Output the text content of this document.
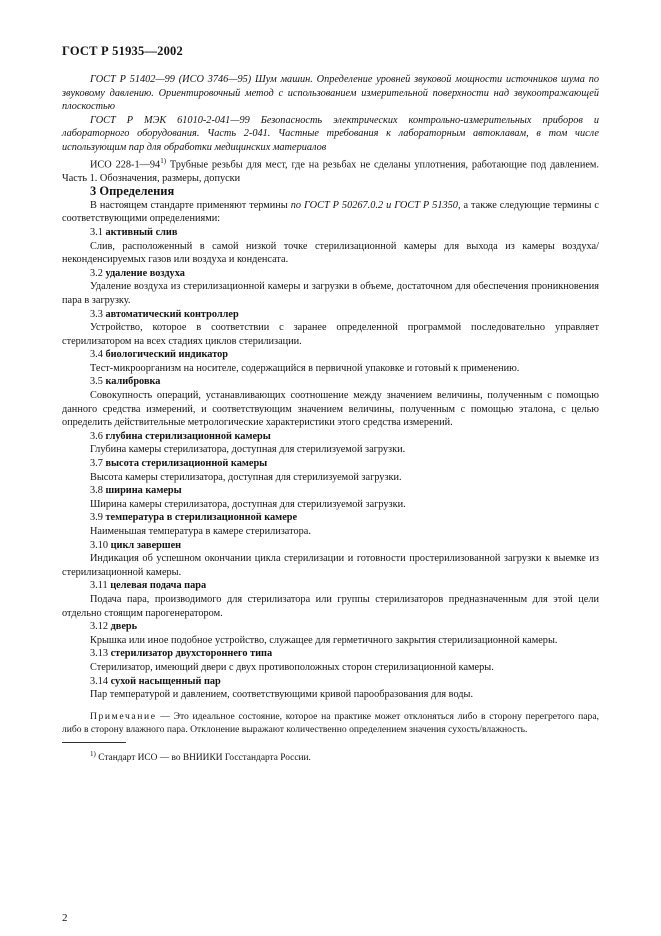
ГОСТ Р 51935—2002

ГОСТ Р 51402—99 (ИСО 3746—95) Шум машин. Определение уровней звуковой мощности источников шума по звуковому давлению. Ориентировочный метод с использованием измерительной поверхности над звукоотражающей плоскостью

ГОСТ Р МЭК 61010-2-041—99 Безопасность электрических контрольно-измерительных приборов и лабораторного оборудования. Часть 2-041. Частные требования к лабораторным автоклавам, в том числе использующим пар для обработки медицинских материалов

ИСО 228-1—94$^{1)}$ Трубные резьбы для мест, где на резьбах не сделаны уплотнения, работающие под давлением. Часть 1. Обозначения, размеры, допуски

3 Определения

В настоящем стандарте применяют термины по ГОСТ Р 50267.0.2 и ГОСТ Р 51350, а также следующие термины с соответствующими определениями:

3.1 активный слив

Слив, расположенный в самой низкой точке стерилизационной камеры для выхода из камеры воздуха/неконденсируемых газов или воздуха и конденсата.

3.2 удаление воздуха

Удаление воздуха из стерилизационной камеры и загрузки в объеме, достаточном для обеспечения проникновения пара в загрузку.

3.3 автоматический контроллер

Устройство, которое в соответствии с заранее определенной программой последовательно управляет стерилизатором на всех стадиях циклов стерилизации.

3.4 биологический индикатор

Тест-микроорганизм на носителе, содержащийся в первичной упаковке и готовый к применению.

3.5 калибровка

Совокупность операций, устанавливающих соотношение между значением величины, полученным с помощью данного средства измерений, и соответствующим значением величины, полученным с помощью эталона, с целью определить действительные метрологические характеристики этого средства измерений.

3.6 глубина стерилизационной камеры

Глубина камеры стерилизатора, доступная для стерилизуемой загрузки.

3.7 высота стерилизационной камеры

Высота камеры стерилизатора, доступная для стерилизуемой загрузки.

3.8 ширина камеры

Ширина камеры стерилизатора, доступная для стерилизуемой загрузки.

3.9 температура в стерилизационной камере

Наименьшая температура в камере стерилизатора.

3.10 цикл завершен

Индикация об успешном окончании цикла стерилизации и готовности простерилизованной загрузки к выемке из стерилизационной камеры.

3.11 целевая подача пара

Подача пара, производимого для стерилизатора или группы стерилизаторов предназначенным для этой цели отдельно стоящим парогенератором.

3.12 дверь

Крышка или иное подобное устройство, служащее для герметичного закрытия стерилизационной камеры.

3.13 стерилизатор двухстороннего типа

Стерилизатор, имеющий двери с двух противоположных сторон стерилизационной камеры.

3.14 сухой насыщенный пар

Пар температурой и давлением, соответствующими кривой парообразования для воды.

Примечание — Это идеальное состояние, которое на практике может отклоняться либо в сторону перегретого пара, либо в сторону влажного пара. Отклонение выражают количественно определением значения сухость/влажность.

$^{1)}$ Стандарт ИСО — во ВНИИКИ Госстандарта России.

2
